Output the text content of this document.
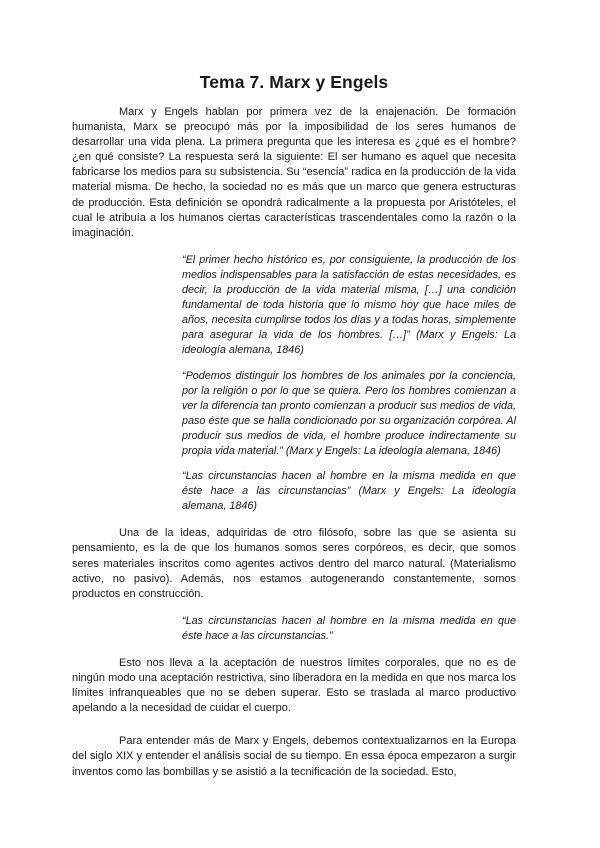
Tema 7. Marx y Engels

Marx y Engels hablan por primera vez de la enajenación. De formación humanista, Marx se preocupó más por la imposibilidad de los seres humanos de desarrollar una vida plena. La primera pregunta que les interesa es ¿qué es el hombre?¿en qué consiste? La respuesta será la siguiente: El ser humano es aquel que necesita fabricarse los medios para su subsistencia. Su “esencia” radica en la producción de la vida material misma. De hecho, la sociedad no es más que un marco que genera estructuras de producción. Esta definición se opondrá radicalmente a la propuesta por Aristóteles, el cual le atribuía a los humanos ciertas características trascendentales como la razón o la imaginación.

“El primer hecho histórico es, por consiguiente, la producción de los medios indispensables para la satisfacción de estas necesidades, es decir, la producción de la vida material misma, […] una condición fundamental de toda historia que lo mismo hoy que hace miles de años, necesita cumplirse todos los días y a todas horas, simplemente para asegurar la vida de los hombres. […]” (Marx y Engels: La ideología alemana, 1846)
“Podemos distinguir los hombres de los animales por la conciencia, por la religión o por lo que se quiera. Pero los hombres comienzan a ver la diferencia tan pronto comienzan a producir sus medios de vida, paso éste que se halla condicionado por su organización corpórea. Al producir sus medios de vida, el hombre produce indirectamente su propia vida material.” (Marx y Engels: La ideología alemana, 1846)
“Las circunstancias hacen al hombre en la misma medida en que éste hace a las circunstancias” (Marx y Engels: La ideología alemana, 1846)

Una de la ideas, adquiridas de otro filósofo, sobre las que se asienta su pensamiento, es la de que los humanos somos seres corpóreos, es decir, que somos seres materiales inscritos como agentes activos dentro del marco natural. (Materialismo activo, no pasivo). Además, nos estamos autogenerando constantemente, somos productos en construcción.

“Las circunstancias hacen al hombre en la misma medida en que éste hace a las circunstancias.”

Esto nos lleva a la aceptación de nuestros límites corporales, que no es de ningún modo una aceptación restrictiva, sino liberadora en la medida en que nos marca los límites infranqueables que no se deben superar. Esto se traslada al marco productivo apelando a la necesidad de cuidar el cuerpo.

Para entender más de Marx y Engels, debemos contextualizarnos en la Europa del siglo XIX y entender el análisis social de su tiempo. En essa época empezaron a surgir inventos como las bombillas y se asistió a la tecnificación de la sociedad. Esto,
